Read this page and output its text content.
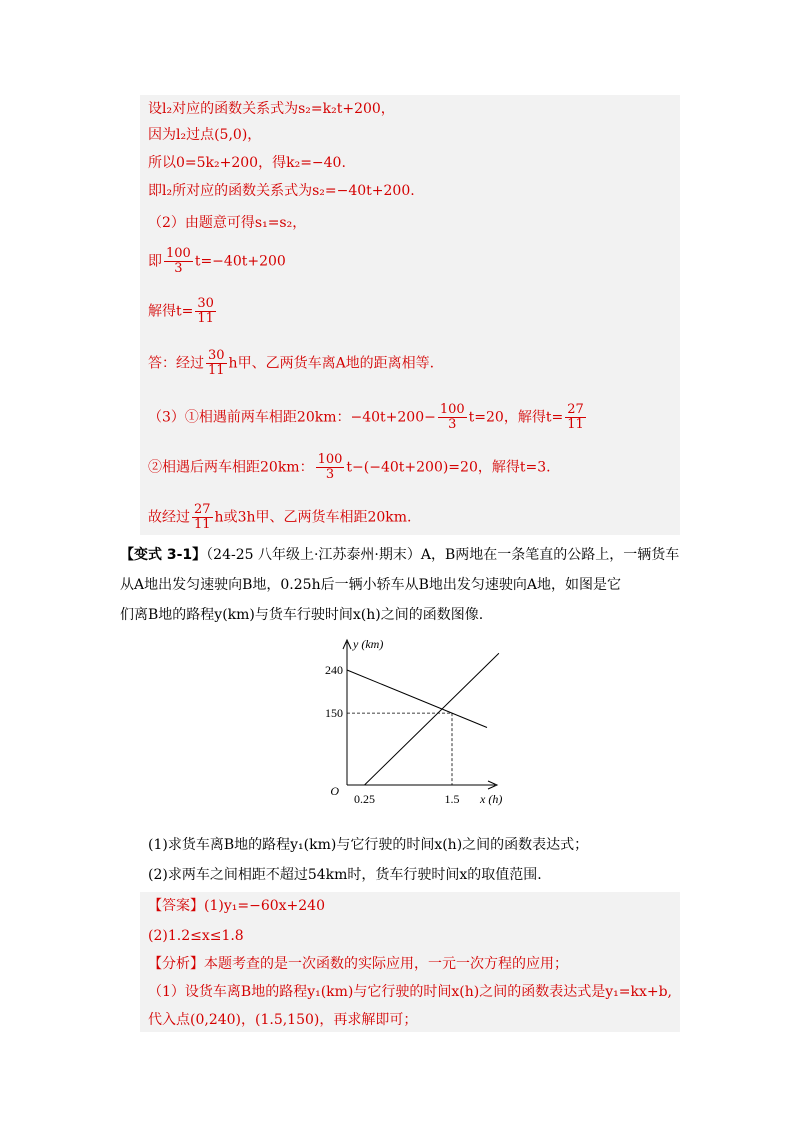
设l₂对应的函数关系式为s₂=k₂t+200，
因为l₂过点(5,0)，
所以0=5k₂+200，得k₂=−40.
即l₂所对应的函数关系式为s₂=−40t+200.
（2）由题意可得s₁=s₂，
即 $\frac{100}{3} t=-40t+200$
解得$t= \frac{30}{11}$
答：经过 $\frac{30}{11}$ h甲、乙两货车离A地的距离相等.
（3）①相遇前两车相距20km：$-40t+200- \frac{100}{3} t=20$，解得$t= \frac{27}{11}$
②相遇后两车相距20km： $\frac{100}{3} t-(-40t+200)=20$，解得t=3.
故经过 $\frac{27}{11}$ h或3h甲、乙两货车相距20km.
【变式 3-1】（24-25 八年级上·江苏泰州·期末）A，B两地在一条笔直的公路上，一辆货车
从A地出发匀速驶向B地，0.25h后一辆小轿车从B地出发匀速驶向A地，如图是它
们离B地的路程y(km)与货车行驶时间x(h)之间的函数图像.
y (km)
x (h)
O
240
150
0.25	1.5
(1)求货车离B地的路程y₁(km)与它行驶的时间x(h)之间的函数表达式；
(2)求两车之间相距不超过54km时，货车行驶时间x的取值范围.
【答案】(1)y₁=−60x+240
(2)1.2≤x≤1.8
【分析】本题考查的是一次函数的实际应用，一元一次方程的应用；
（1）设货车离B地的路程y₁(km)与它行驶的时间x(h)之间的函数表达式是y₁=kx+b,
代入点(0,240)，(1.5,150)，再求解即可；
